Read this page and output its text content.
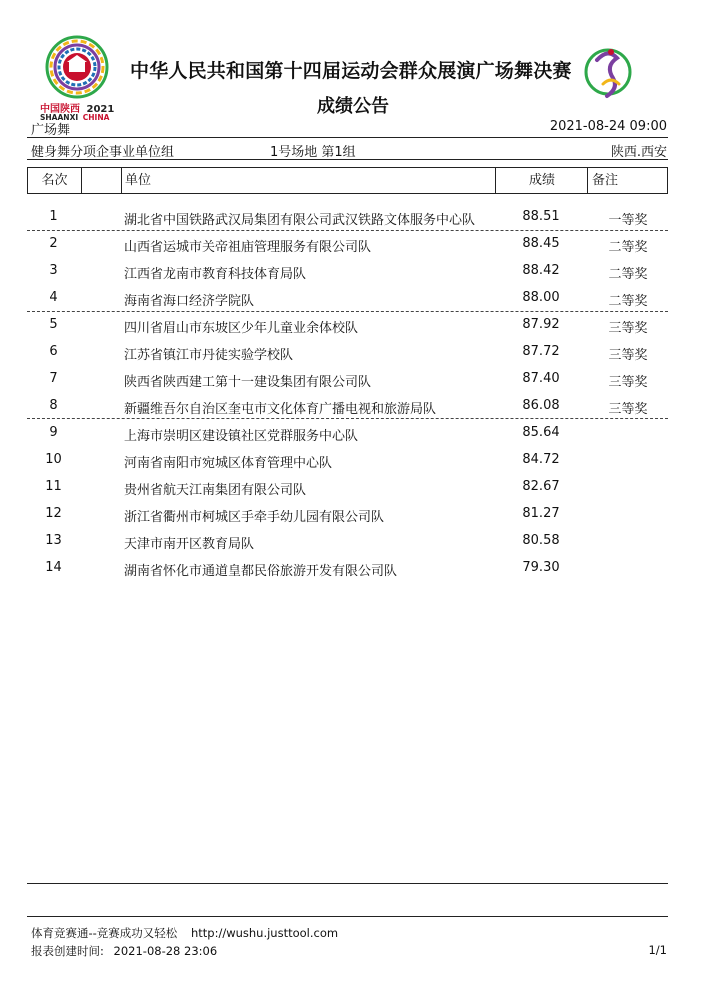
中国陕西 2021
SHAANXI CHINA
中华人民共和国第十四届运动会群众展演广场舞决赛
成绩公告
广场舞	2021-08-24 09:00
健身舞分项企事业单位组	1号场地 第1组	陕西.西安
名次	单位	成绩	备注
1	湖北省中国铁路武汉局集团有限公司武汉铁路文体服务中心队	88.51	一等奖
2	山西省运城市关帝祖庙管理服务有限公司队	88.45	二等奖
3	江西省龙南市教育科技体育局队	88.42	二等奖
4	海南省海口经济学院队	88.00	二等奖
5	四川省眉山市东坡区少年儿童业余体校队	87.92	三等奖
6	江苏省镇江市丹徒实验学校队	87.72	三等奖
7	陕西省陕西建工第十一建设集团有限公司队	87.40	三等奖
8	新疆维吾尔自治区奎屯市文化体育广播电视和旅游局队	86.08	三等奖
9	上海市崇明区建设镇社区党群服务中心队	85.64
10	河南省南阳市宛城区体育管理中心队	84.72
11	贵州省航天江南集团有限公司队	82.67
12	浙江省衢州市柯城区手牵手幼儿园有限公司队	81.27
13	天津市南开区教育局队	80.58
14	湖南省怀化市通道皇都民俗旅游开发有限公司队	79.30
体育竞赛通--竞赛成功又轻松 http://wushu.justtool.com
报表创建时间: 2021-08-28 23:06	1/1
